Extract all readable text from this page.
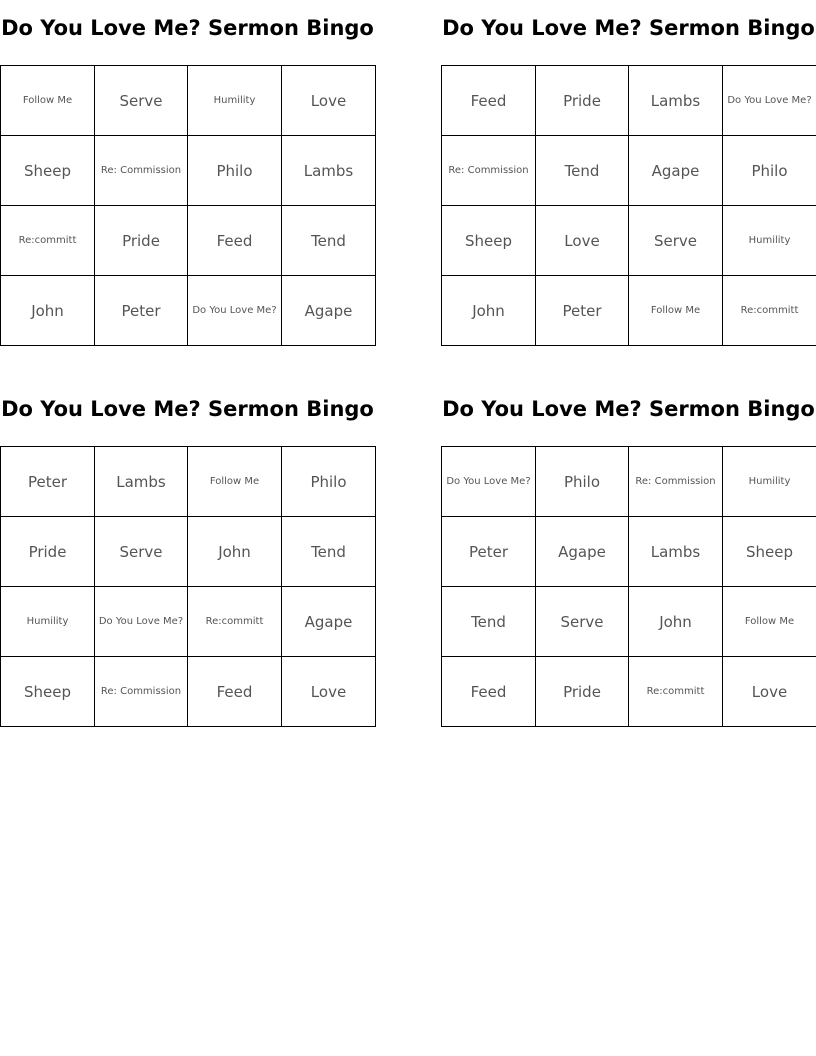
Do You Love Me? Sermon Bingo
Follow Me	Serve	Humility	Love
Sheep	Re: Commission	Philo	Lambs
Re:committ	Pride	Feed	Tend
John	Peter	Do You Love Me?	Agape
Do You Love Me? Sermon Bingo
Feed	Pride	Lambs	Do You Love Me?
Re: Commission	Tend	Agape	Philo
Sheep	Love	Serve	Humility
John	Peter	Follow Me	Re:committ
Do You Love Me? Sermon Bingo
Peter	Lambs	Follow Me	Philo
Pride	Serve	John	Tend
Humility	Do You Love Me?	Re:committ	Agape
Sheep	Re: Commission	Feed	Love
Do You Love Me? Sermon Bingo
Do You Love Me?	Philo	Re: Commission	Humility
Peter	Agape	Lambs	Sheep
Tend	Serve	John	Follow Me
Feed	Pride	Re:committ	Love
